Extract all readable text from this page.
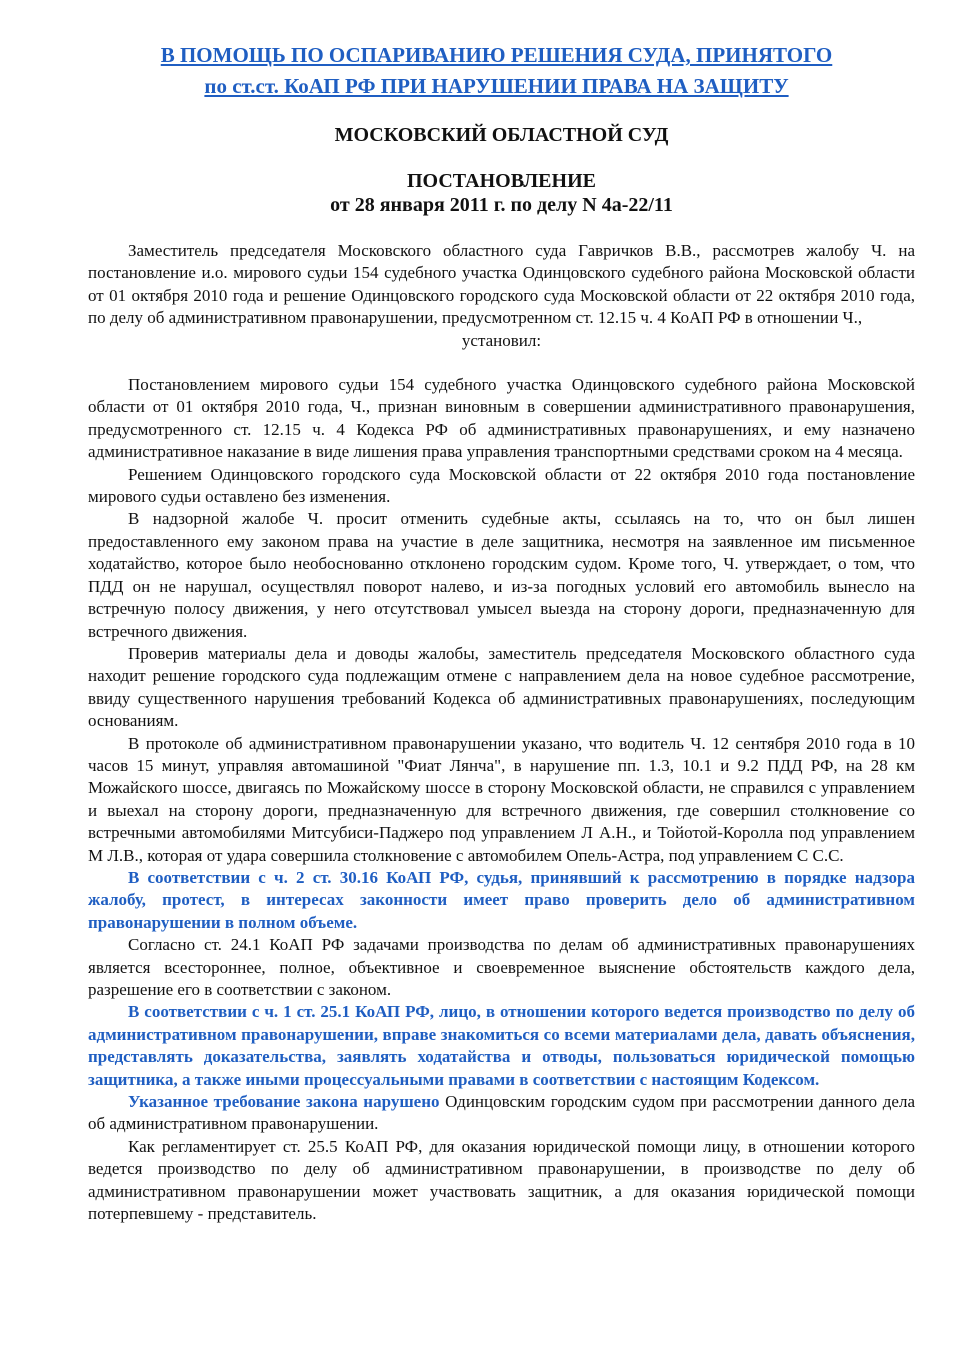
В ПОМОЩЬ ПО ОСПАРИВАНИЮ РЕШЕНИЯ СУДА, ПРИНЯТОГО
по ст.ст. КоАП РФ ПРИ НАРУШЕНИИ ПРАВА НА ЗАЩИТУ
МОСКОВСКИЙ ОБЛАСТНОЙ СУД
ПОСТАНОВЛЕНИЕ
от 28 января 2011 г. по делу N 4а-22/11

Заместитель председателя Московского областного суда Гавричков В.В., рассмотрев жалобу Ч. на постановление и.о. мирового судьи 154 судебного участка Одинцовского судебного района Московской области от 01 октября 2010 года и решение Одинцовского городского суда Московской области от 22 октября 2010 года, по делу об административном правонарушении, предусмотренном ст. 12.15 ч. 4 КоАП РФ в отношении Ч.,

установил:

Постановлением мирового судьи 154 судебного участка Одинцовского судебного района Московской области от 01 октября 2010 года, Ч., признан виновным в совершении административного правонарушения, предусмотренного ст. 12.15 ч. 4 Кодекса РФ об административных правонарушениях, и ему назначено административное наказание в виде лишения права управления транспортными средствами сроком на 4 месяца.

Решением Одинцовского городского суда Московской области от 22 октября 2010 года постановление мирового судьи оставлено без изменения.

В надзорной жалобе Ч. просит отменить судебные акты, ссылаясь на то, что он был лишен предоставленного ему законом права на участие в деле защитника, несмотря на заявленное им письменное ходатайство, которое было необоснованно отклонено городским судом. Кроме того, Ч. утверждает, о том, что ПДД он не нарушал, осуществлял поворот налево, и из-за погодных условий его автомобиль вынесло на встречную полосу движения, у него отсутствовал умысел выезда на сторону дороги, предназначенную для встречного движения.

Проверив материалы дела и доводы жалобы, заместитель председателя Московского областного суда находит решение городского суда подлежащим отмене с направлением дела на новое судебное рассмотрение, ввиду существенного нарушения требований Кодекса об административных правонарушениях, последующим основаниям.

В протоколе об административном правонарушении указано, что водитель Ч. 12 сентября 2010 года в 10 часов 15 минут, управляя автомашиной "Фиат Лянча", в нарушение пп. 1.3, 10.1 и 9.2 ПДД РФ, на 28 км Можайского шоссе, двигаясь по Можайскому шоссе в сторону Московской области, не справился с управлением и выехал на сторону дороги, предназначенную для встречного движения, где совершил столкновение со встречными автомобилями Митсубиси-Паджеро под управлением Л А.Н., и Тойотой-Королла под управлением М Л.В., которая от удара совершила столкновение с автомобилем Опель-Астра, под управлением С С.С.

В соответствии с ч. 2 ст. 30.16 КоАП РФ, судья, принявший к рассмотрению в порядке надзора жалобу, протест, в интересах законности имеет право проверить дело об административном правонарушении в полном объеме.

Согласно ст. 24.1 КоАП РФ задачами производства по делам об административных правонарушениях является всестороннее, полное, объективное и своевременное выяснение обстоятельств каждого дела, разрешение его в соответствии с законом.

В соответствии с ч. 1 ст. 25.1 КоАП РФ, лицо, в отношении которого ведется производство по делу об административном правонарушении, вправе знакомиться со всеми материалами дела, давать объяснения, представлять доказательства, заявлять ходатайства и отводы, пользоваться юридической помощью защитника, а также иными процессуальными правами в соответствии с настоящим Кодексом.

Указанное требование закона нарушено Одинцовским городским судом при рассмотрении данного дела об административном правонарушении.

Как регламентирует ст. 25.5 КоАП РФ, для оказания юридической помощи лицу, в отношении которого ведется производство по делу об административном правонарушении, в производстве по делу об административном правонарушении может участвовать защитник, а для оказания юридической помощи потерпевшему - представитель.
